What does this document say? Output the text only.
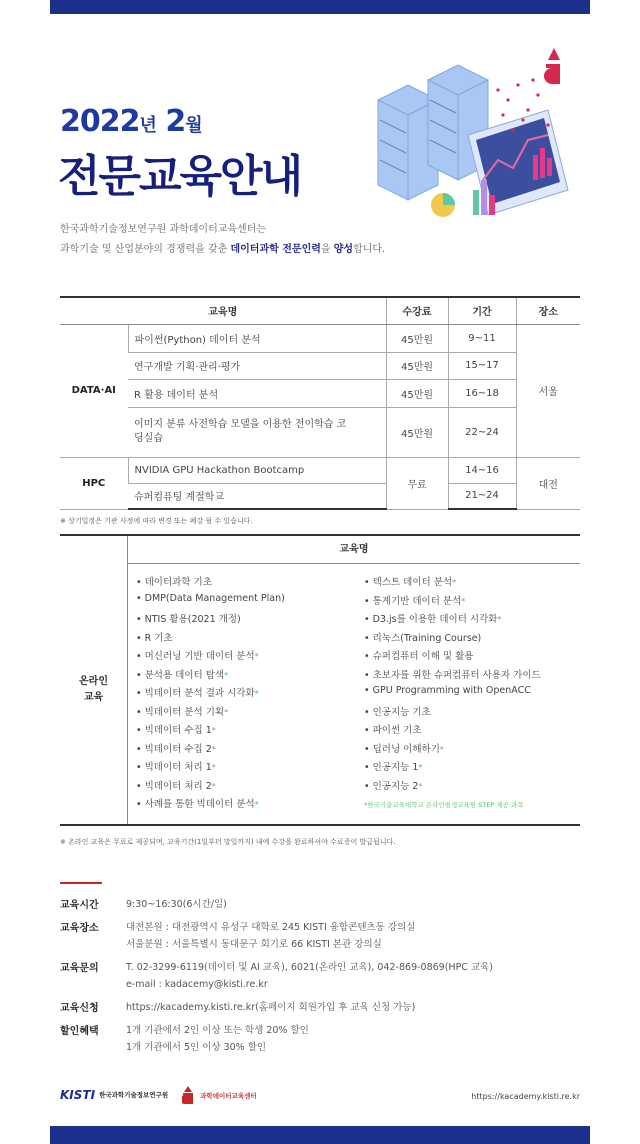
2022년 2월
전문교육안내
한국과학기술정보연구원 과학데이터교육센터는
과학기술 및 산업분야의 경쟁력을 갖춘 데이터과학 전문인력을 양성합니다.
교육명		수강료	기간	장소
DATA·AI	파이썬(Python) 데이터 분석	45만원	9~11	서울
	연구개발 기획·관리·평가	45만원	15~17	
	R 활용 데이터 분석	45만원	16~18	

	이미지 분류 사전학습 모델을 이용한 전이학습 코딩실습	45만원	22~24	
HPC	NVIDIA GPU Hackathon Bootcamp	무료	14~16	대전
	슈퍼컴퓨팅 계절학교		21~24	
※ 상기일정은 기관 사정에 따라 변경 또는 폐강 될 수 있습니다.
교육명
온라인
교육
• 데이터과학 기초
• DMP(Data Management Plan)
• NTIS 활용(2021 개정)
• R 기초
• 머신러닝 기반 데이터 분석*
• 분석용 데이터 탐색*
• 빅데이터 분석 결과 시각화*
• 빅데이터 분석 기획*
• 빅데이터 수집 1*
• 빅데이터 수집 2*
• 빅데이터 처리 1*
• 빅데이터 처리 2*
• 사례를 통한 빅데이터 분석*
• 텍스트 데이터 분석*
• 통계기반 데이터 분석*
• D3.js를 이용한 데이터 시각화*
• 리눅스(Training Course)
• 슈퍼컴퓨터 이해 및 활용
• 초보자를 위한 슈퍼컴퓨터 사용자 가이드
• GPU Programming with OpenACC
• 인공지능 기초
• 파이썬 기초
• 딥러닝 이해하기*
• 인공지능 1*
• 인공지능 2*
*한국기술교육대학교 온라인평생교육원 STEP 제공 과목
※ 온라인 교육은 무료로 제공되며, 교육기간(1일부터 말일까지) 내에 수강을 완료하셔야 수료증이 발급됩니다.
교육시간	9:30~16:30(6시간/일)
교육장소	대전본원 : 대전광역시 유성구 대학로 245 KISTI 융합콘텐츠동 강의실
서울분원 : 서울특별시 동대문구 회기로 66 KISTI 본관 강의실
교육문의	T. 02-3299-6119(데이터 및 AI 교육), 6021(온라인 교육), 042-869-0869(HPC 교육)
e-mail : kadacemy@kisti.re.kr
교육신청	https://kacademy.kisti.re.kr(홈페이지 회원가입 후 교육 신청 가능)
할인혜택	1개 기관에서 2인 이상 또는 학생 20% 할인
1개 기관에서 5인 이상 30% 할인
KISTI 한국과학기술정보연구원	과학데이터교육센터	https://kacademy.kisti.re.kr
